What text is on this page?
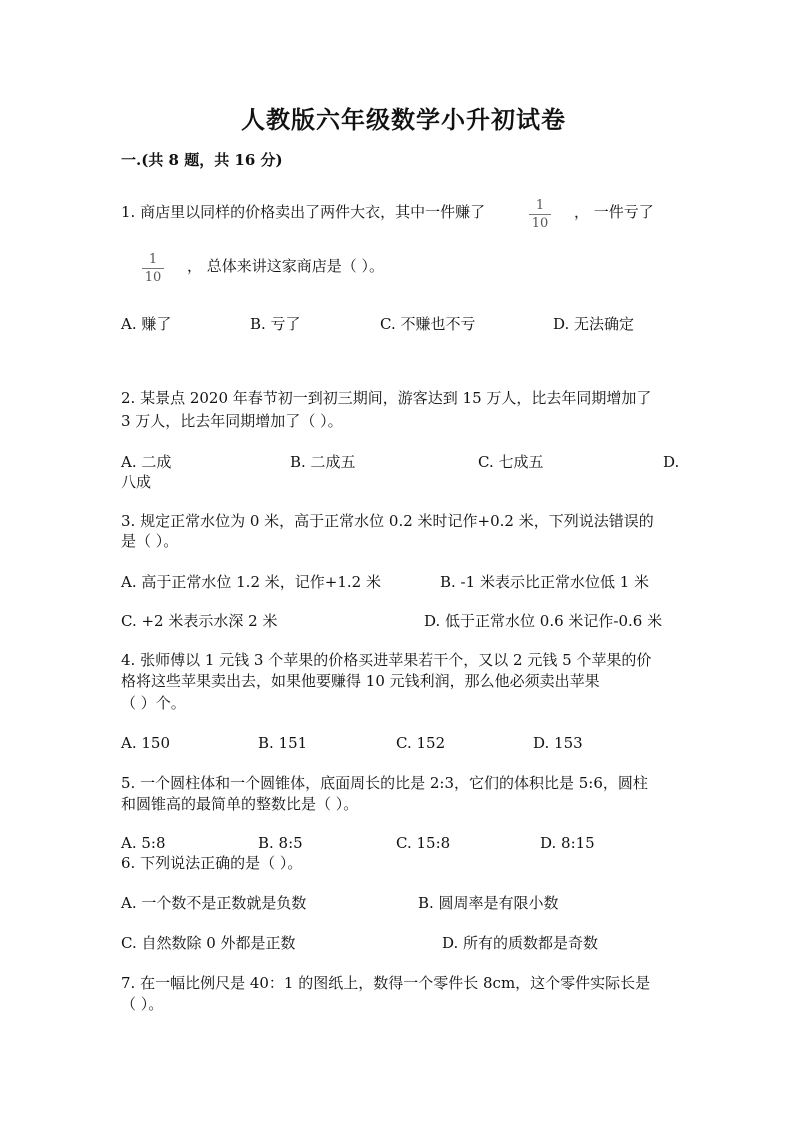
人教版六年级数学小升初试卷
一.(共 8 题，共 16 分)
1. 商店里以同样的价格卖出了两件大衣，其中一件赚了	1
10
， 一件亏了
1
10
， 总体来讲这家商店是（ ）。
A. 赚了	B. 亏了	C. 不赚也不亏	D. 无法确定
2. 某景点 2020 年春节初一到初三期间，游客达到 15 万人，比去年同期增加了
3 万人，比去年同期增加了（ ）。
A. 二成	B. 二成五	C. 七成五	D.
八成
3. 规定正常水位为 0 米，高于正常水位 0.2 米时记作+0.2 米，下列说法错误的
是（ ）。
A. 高于正常水位 1.2 米，记作+1.2 米	B. -1 米表示比正常水位低 1 米
C. +2 米表示水深 2 米	D. 低于正常水位 0.6 米记作-0.6 米
4. 张师傅以 1 元钱 3 个苹果的价格买进苹果若干个，又以 2 元钱 5 个苹果的价
格将这些苹果卖出去，如果他要赚得 10 元钱利润，那么他必须卖出苹果
（ ）个。
A. 150	B. 151	C. 152	D. 153
5. 一个圆柱体和一个圆锥体，底面周长的比是 2:3，它们的体积比是 5:6，圆柱
和圆锥高的最简单的整数比是（ ）。
A. 5:8	B. 8:5	C. 15:8	D. 8:15
6. 下列说法正确的是（ ）。
A. 一个数不是正数就是负数	B. 圆周率是有限小数
C. 自然数除 0 外都是正数	D. 所有的质数都是奇数
7. 在一幅比例尺是 40：1 的图纸上，数得一个零件长 8cm，这个零件实际长是
（ ）。
